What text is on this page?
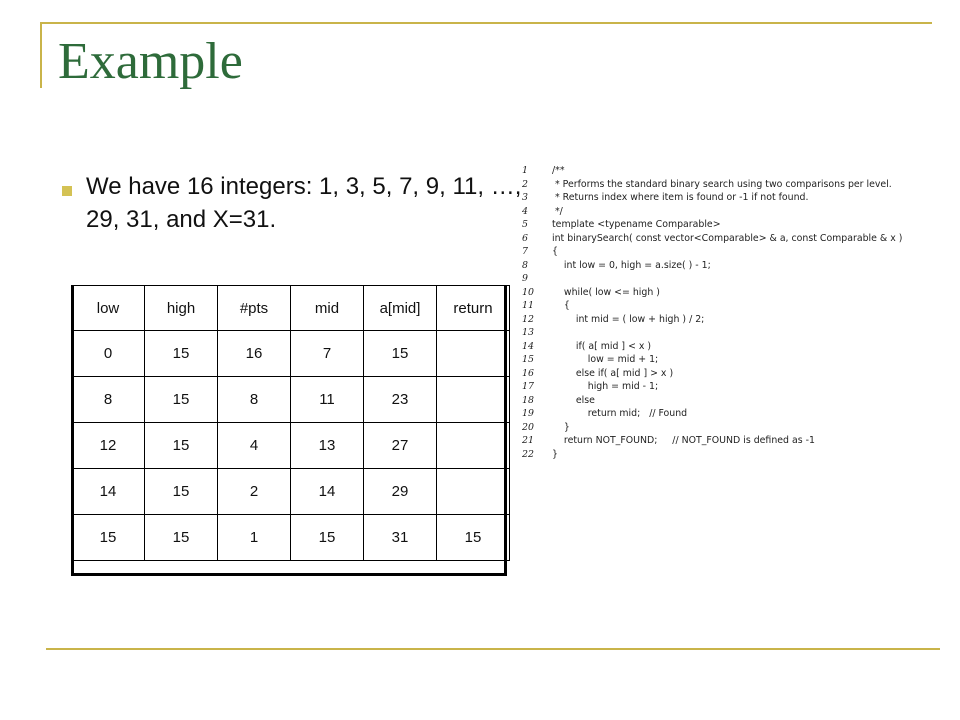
Example
We have 16 integers: 1, 3, 5, 7, 9, 11, …, 29, 31, and X=31.
low	high	#pts	mid	a[mid]	return
0	15	16	7	15	
8	15	8	11	23	
12	15	4	13	27	
14	15	2	14	29	
15	15	1	15	31	15
1	/**
2	* Performs the standard binary search using two comparisons per level.
3	* Returns index where item is found or -1 if not found.
4	*/
5	template <typename Comparable>
6	int binarySearch( const vector<Comparable> & a, const Comparable & x )
7	{
8	int low = 0, high = a.size( ) - 1;
9
10	while( low <= high )
11	{
12	int mid = ( low + high ) / 2;
13
14	if( a[ mid ] < x )
15	low = mid + 1;
16	else if( a[ mid ] > x )
17	high = mid - 1;
18	else
19	return mid;   // Found
20	}
21	return NOT_FOUND;     // NOT_FOUND is defined as -1
22	}
